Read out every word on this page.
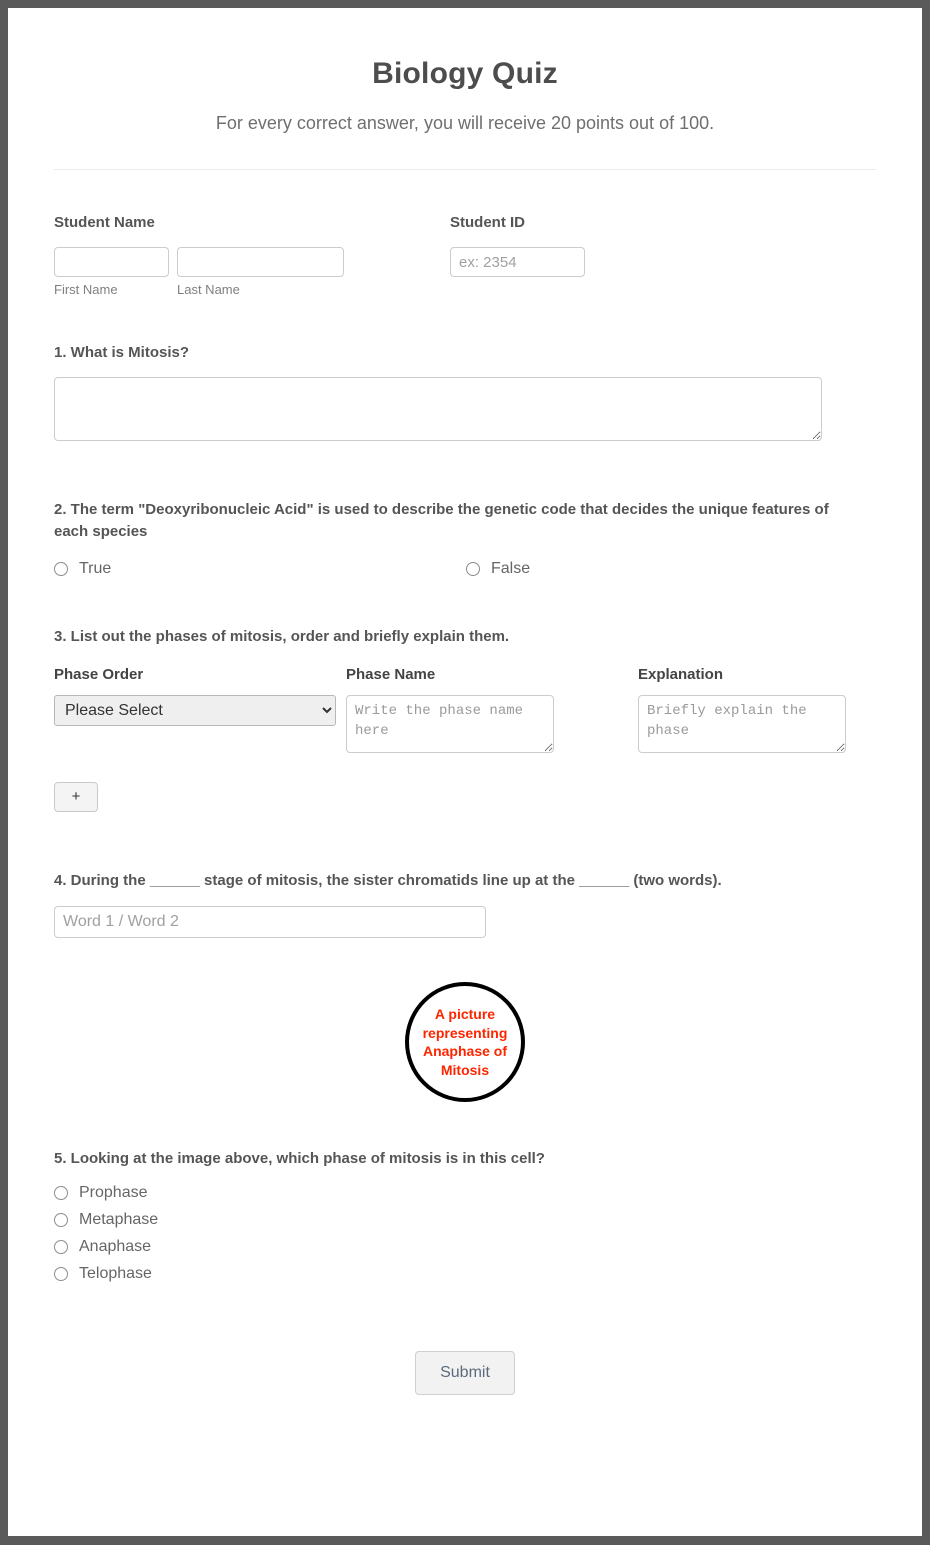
Biology Quiz

For every correct answer, you will receive 20 points out of 100.

Student Name
First Name	Last Name
Student ID
ex: 2354
1. What is Mitosis?
2. The term "Deoxyribonucleic Acid" is used to describe the genetic code that decides the unique features of each species
True	False
3. List out the phases of mitosis, order and briefly explain them.
Phase Order	Phase Name	Explanation
Please Select
Write the phase name here
Briefly explain the phase
+
4. During the ______ stage of mitosis, the sister chromatids line up at the ______ (two words).
Word 1 / Word 2
A picture representing Anaphase of Mitosis
5. Looking at the image above, which phase of mitosis is in this cell?
Prophase
Metaphase
Anaphase
Telophase
Submit
